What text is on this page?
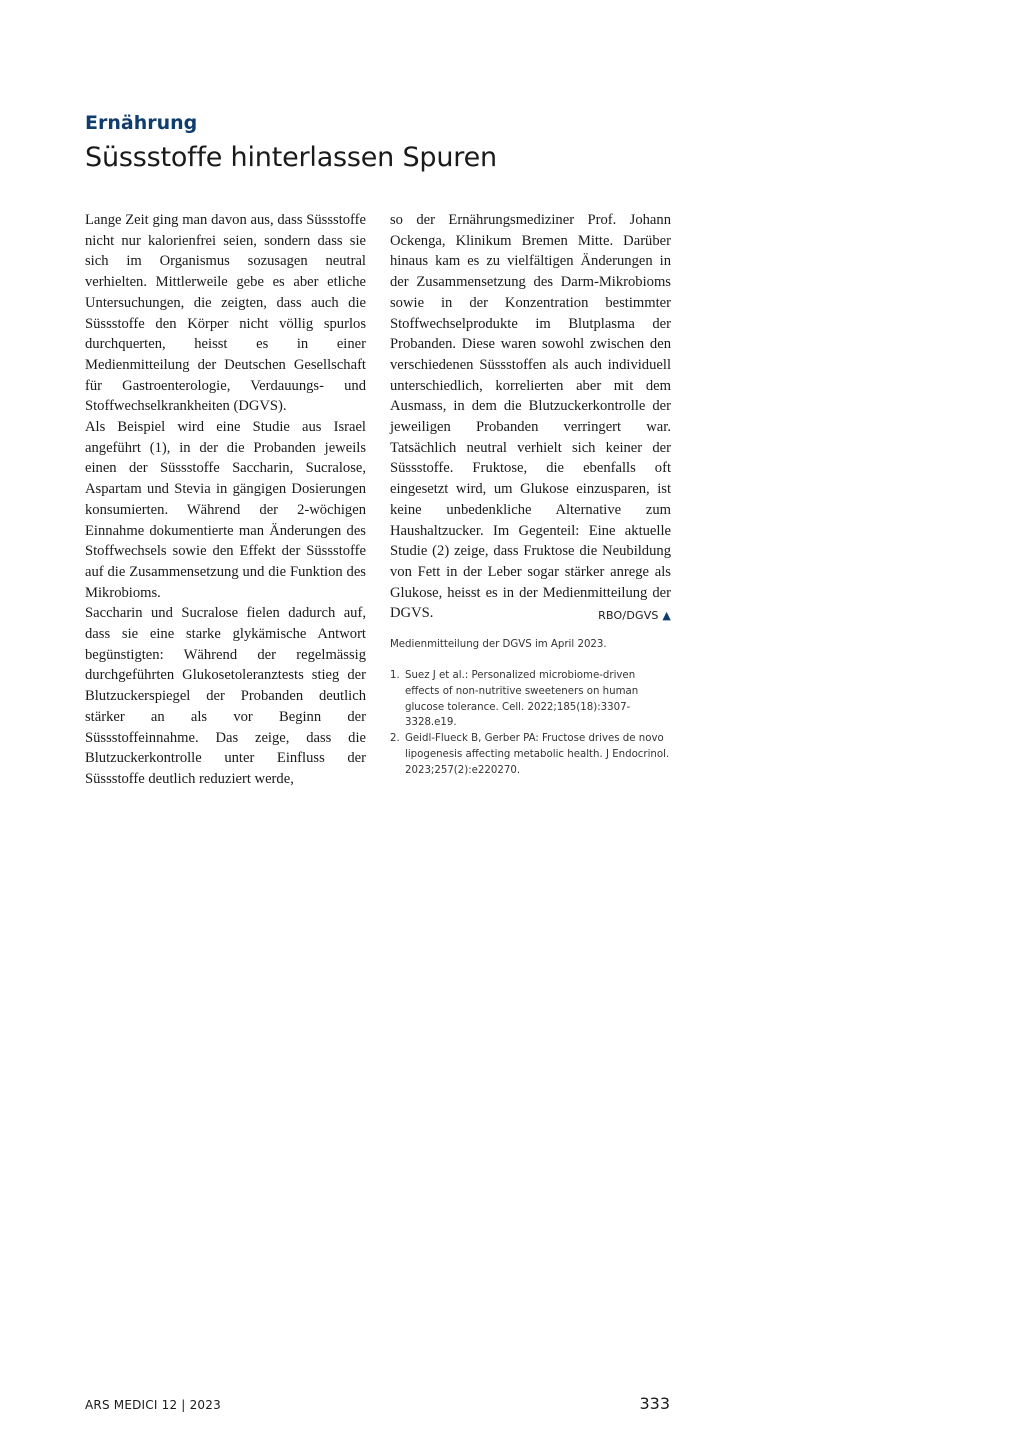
Ernährung
Süssstoffe hinterlassen Spuren

Lange Zeit ging man davon aus, dass Süssstoffe nicht nur kalorienfrei seien, sondern dass sie sich im Organismus sozusagen neutral verhielten. Mittlerweile gebe es aber etliche Untersuchungen, die zeigten, dass auch die Süssstoffe den Körper nicht völlig spurlos durchquerten, heisst es in einer Medienmitteilung der Deutschen Gesellschaft für Gastroenterologie, Verdauungs- und Stoffwechselkrankheiten (DGVS).

Als Beispiel wird eine Studie aus Israel angeführt (1), in der die Probanden jeweils einen der Süssstoffe Saccharin, Sucralose, Aspartam und Stevia in gängigen Dosierungen konsumierten. Während der 2-wöchigen Einnahme dokumentierte man Änderungen des Stoffwechsels sowie den Effekt der Süssstoffe auf die Zusammensetzung und die Funktion des Mikrobioms.

Saccharin und Sucralose fielen dadurch auf, dass sie eine starke glykämische Antwort begünstigten: Während der regelmässig durchgeführten Glukosetoleranztests stieg der Blutzuckerspiegel der Probanden deutlich stärker an als vor Beginn der Süssstoffeinnahme. Das zeige, dass die Blutzuckerkontrolle unter Einfluss der Süssstoffe deutlich reduziert werde,

so der Ernährungsmediziner Prof. Johann Ockenga, Klinikum Bremen Mitte. Darüber hinaus kam es zu vielfältigen Änderungen in der Zusammensetzung des Darm-Mikrobioms sowie in der Konzentration bestimmter Stoffwechselprodukte im Blutplasma der Probanden. Diese waren sowohl zwischen den verschiedenen Süssstoffen als auch individuell unterschiedlich, korrelierten aber mit dem Ausmass, in dem die Blutzuckerkontrolle der jeweiligen Probanden verringert war. Tatsächlich neutral verhielt sich keiner der Süssstoffe. Fruktose, die ebenfalls oft eingesetzt wird, um Glukose einzusparen, ist keine unbedenkliche Alternative zum Haushaltzucker. Im Gegenteil: Eine aktuelle Studie (2) zeige, dass Fruktose die Neubildung von Fett in der Leber sogar stärker anrege als Glukose, heisst es in der Medienmitteilung der DGVS.	RBO/DGVS ▲

Medienmitteilung der DGVS im April 2023.
1. Suez J et al.: Personalized microbiome-driven effects of non-nutritive sweeteners on human glucose tolerance. Cell. 2022;185(18):3307-3328.e19.
2. Geidl-Flueck B, Gerber PA: Fructose drives de novo lipogenesis affecting metabolic health. J Endocrinol. 2023;257(2):e220270.
ARS MEDICI 12 | 2023	333
